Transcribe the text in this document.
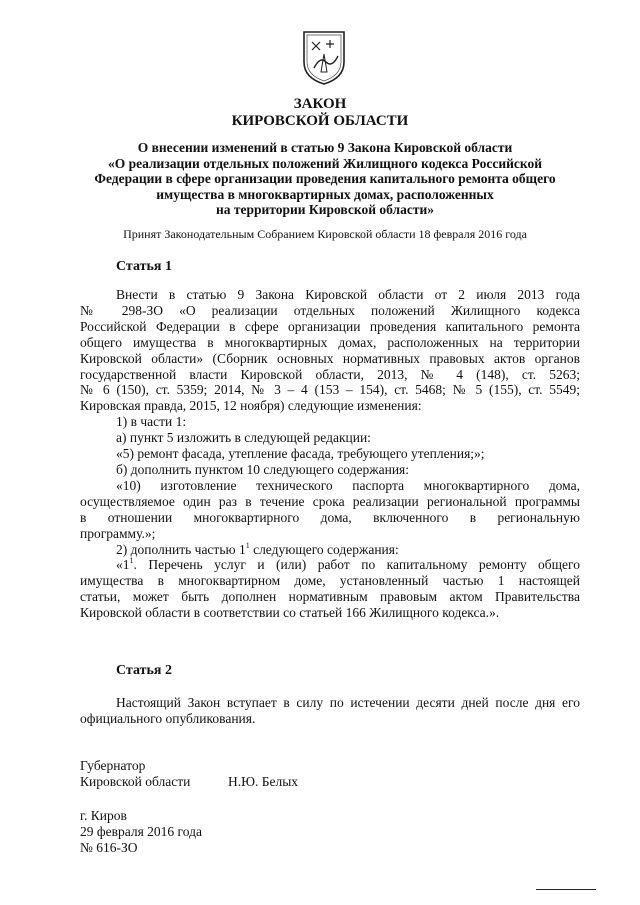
ЗАКОН
КИРОВСКОЙ ОБЛАСТИ
О внесении изменений в статью 9 Закона Кировской области
«О реализации отдельных положений Жилищного кодекса Российской
Федерации в сфере организации проведения капитального ремонта общего
имущества в многоквартирных домах, расположенных
на территории Кировской области»
Принят Законодательным Собранием Кировской области 18 февраля 2016 года
Статья 1

Внести в статью 9 Закона Кировской области от 2 июля 2013 года

№ 298-ЗО «О реализации отдельных положений Жилищного кодекса

Российской Федерации в сфере организации проведения капитального ремонта

общего имущества в многоквартирных домах, расположенных на территории

Кировской области» (Сборник основных нормативных правовых актов органов

государственной власти Кировской области, 2013, № 4 (148), ст. 5263;

№ 6 (150), ст. 5359; 2014, № 3 – 4 (153 – 154), ст. 5468; № 5 (155), ст. 5549;

Кировская правда, 2015, 12 ноября) следующие изменения:

1) в части 1:

а) пункт 5 изложить в следующей редакции:

«5) ремонт фасада, утепление фасада, требующего утепления;»;

б) дополнить пунктом 10 следующего содержания:

«10) изготовление технического паспорта многоквартирного дома,

осуществляемое один раз в течение срока реализации региональной программы

в отношении многоквартирного дома, включенного в региональную

программу.»;

2) дополнить частью $1^1$ следующего содержания:

«$1^1$. Перечень услуг и (или) работ по капитальному ремонту общего

имущества в многоквартирном доме, установленный частью 1 настоящей

статьи, может быть дополнен нормативным правовым актом Правительства

Кировской области в соответствии со статьей 166 Жилищного кодекса.».

Статья 2

Настоящий Закон вступает в силу по истечении десяти дней после дня его

официального опубликования.

Губернатор
Кировской области	Н.Ю. Белых
г. Киров
29 февраля 2016 года
№ 616-ЗО
